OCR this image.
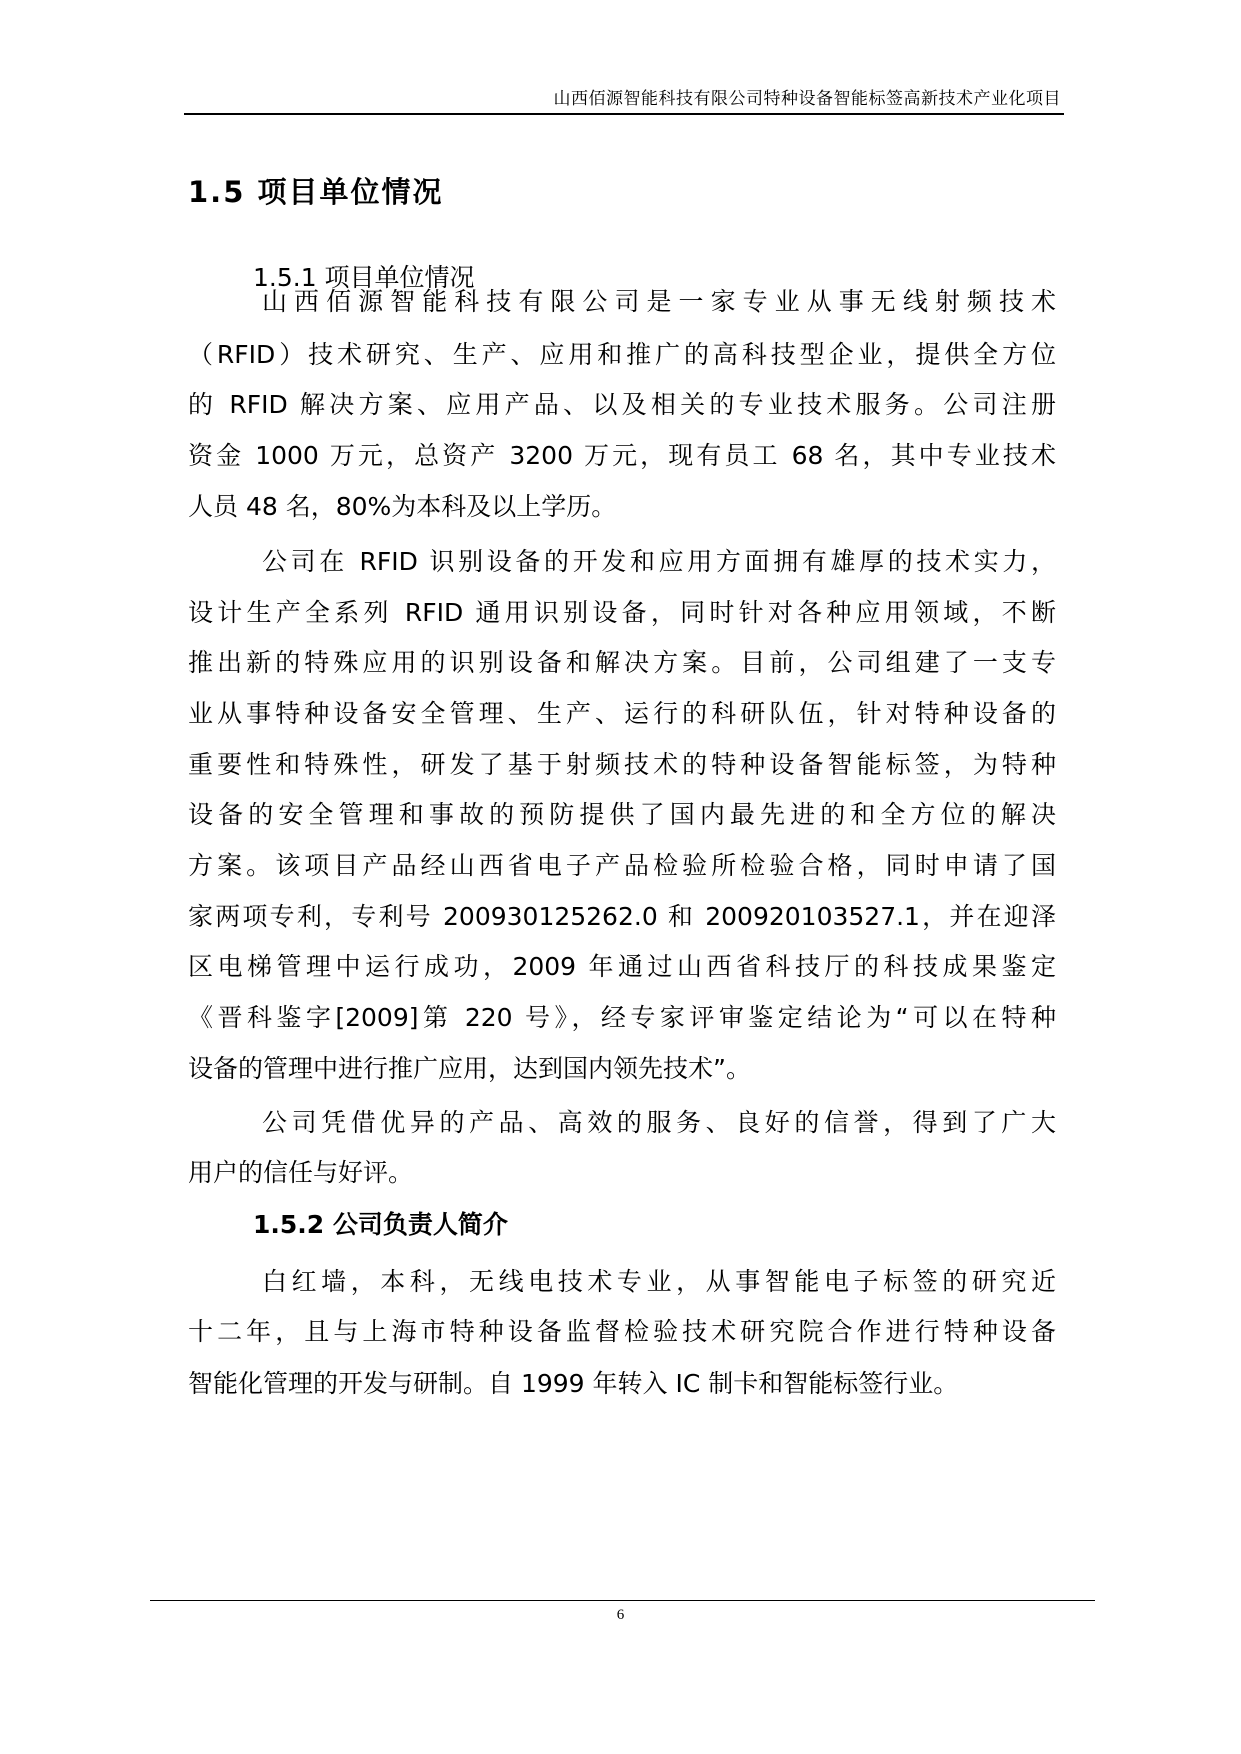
山西佰源智能科技有限公司特种设备智能标签高新技术产业化项目
1.5 项目单位情况
1.5.1 项目单位情况
山西佰源智能科技有限公司是一家专业从事无线射频技术
（RFID）技术研究、生产、应用和推广的高科技型企业，提供全方位
的 RFID 解决方案、应用产品、以及相关的专业技术服务。公司注册
资金 1000 万元，总资产 3200 万元，现有员工 68 名，其中专业技术
人员 48 名，80%为本科及以上学历。
公司在 RFID 识别设备的开发和应用方面拥有雄厚的技术实力，
设计生产全系列 RFID 通用识别设备，同时针对各种应用领域，不断
推出新的特殊应用的识别设备和解决方案。目前，公司组建了一支专
业从事特种设备安全管理、生产、运行的科研队伍，针对特种设备的
重要性和特殊性，研发了基于射频技术的特种设备智能标签，为特种
设备的安全管理和事故的预防提供了国内最先进的和全方位的解决
方案。该项目产品经山西省电子产品检验所检验合格，同时申请了国
家两项专利，专利号 200930125262.0 和 200920103527.1，并在迎泽
区电梯管理中运行成功，2009 年通过山西省科技厅的科技成果鉴定
《晋科鉴字[2009]第 220 号》，经专家评审鉴定结论为“可以在特种
设备的管理中进行推广应用，达到国内领先技术”。
公司凭借优异的产品、高效的服务、良好的信誉，得到了广大
用户的信任与好评。
1.5.2 公司负责人简介
白红墙，本科，无线电技术专业，从事智能电子标签的研究近
十二年，且与上海市特种设备监督检验技术研究院合作进行特种设备
智能化管理的开发与研制。自 1999 年转入 IC 制卡和智能标签行业。
6
